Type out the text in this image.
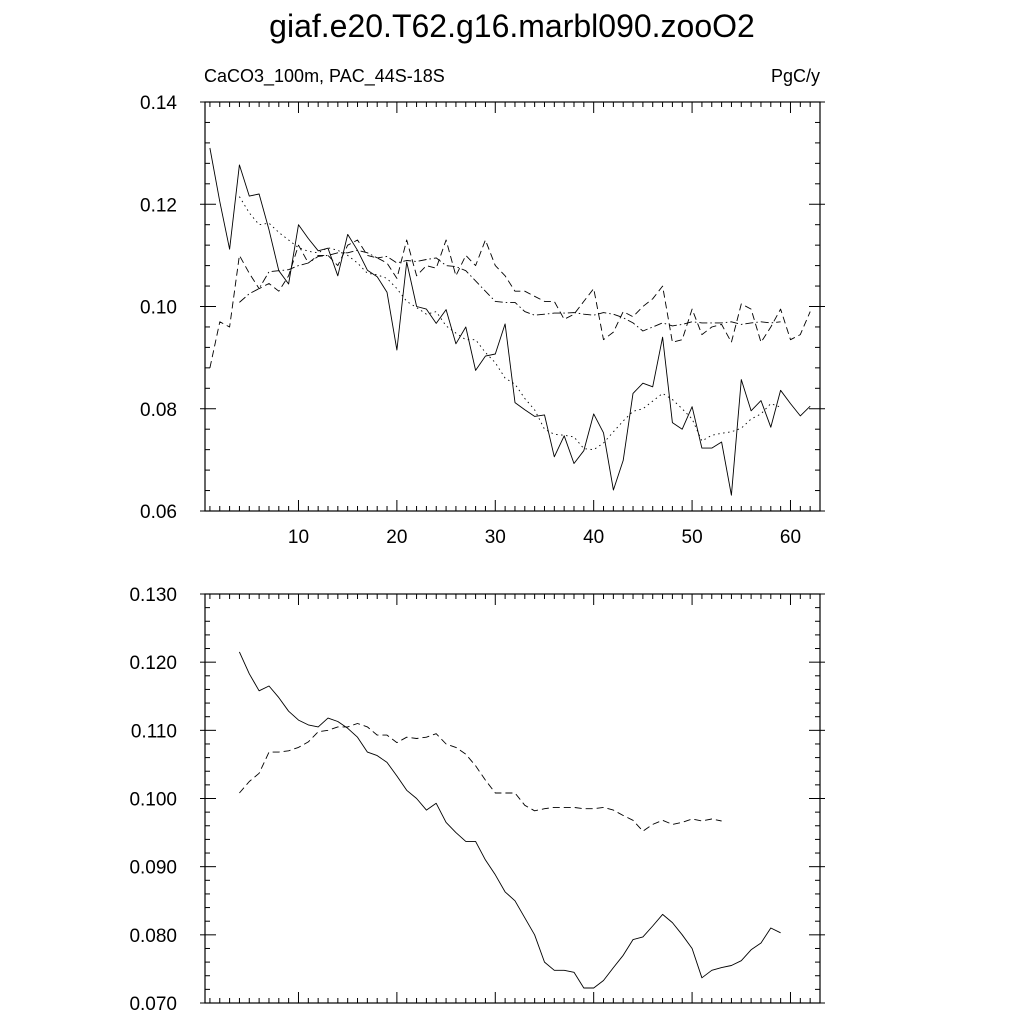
giaf.e20.T62.g16.marbl090.zooO2
CaCO3_100m, PAC_44S-18S	PgC/y
10	20	30	40	50	60
0.06
0.08
0.10
0.12
0.14
0.070
0.080
0.090
0.100
0.110
0.120
0.130
